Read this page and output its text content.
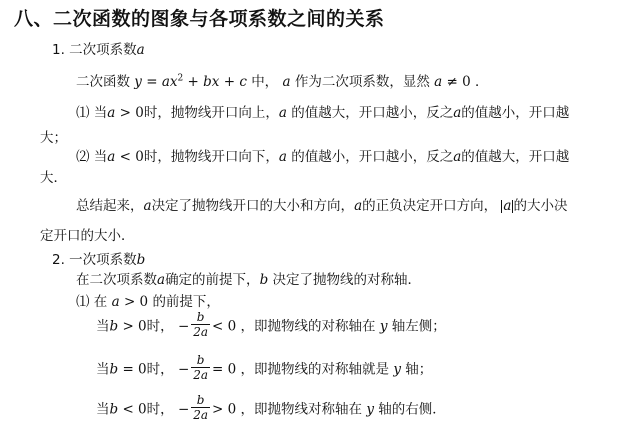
八、二次函数的图象与各项系数之间的关系
1. 二次项系数a
二次函数 $y = ax^2$ + bx + c 中， a 作为二次项系数，显然 a ≠ 0 ．
⑴ 当a > 0时，抛物线开口向上，a 的值越大，开口越小，反之a的值越小，开口越
大；
⑵ 当a < 0时，抛物线开口向下，a 的值越小，开口越小，反之a的值越大，开口越
大．
总结起来，a决定了抛物线开口的大小和方向，a的正负决定开口方向， a 的大小决
定开口的大小．
2. 一次项系数b
在二次项系数a确定的前提下，b 决定了抛物线的对称轴．
⑴ 在 a > 0 的前提下，
当b > 0时， − $\frac{b}{2a} < 0$ ，即抛物线的对称轴在 y 轴左侧；
当b = 0时， − $\frac{b}{2a} = 0$ ，即抛物线的对称轴就是 y 轴；
当b < 0时， − $\frac{b}{2a} > 0$ ，即抛物线对称轴在 y 轴的右侧．
